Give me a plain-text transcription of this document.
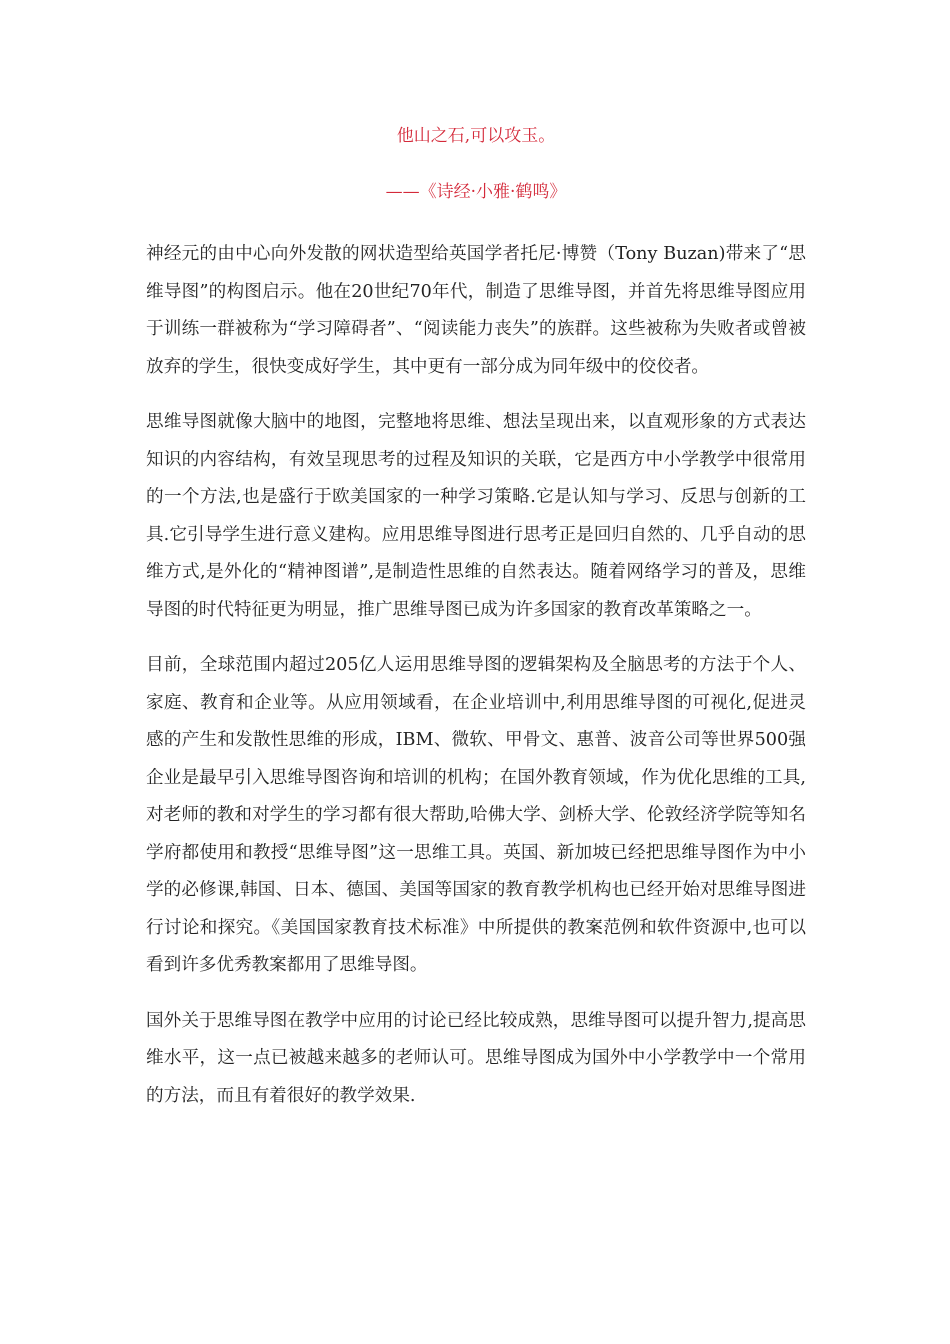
他山之石,可以攻玉。

——《诗经·小雅·鹤鸣》

神经元的由中心向外发散的网状造型给英国学者托尼·博赞（Tony Buzan)带来了“思维导图”的构图启示。他在20世纪70年代，制造了思维导图，并首先将思维导图应用于训练一群被称为“学习障碍者”、“阅读能力丧失”的族群。这些被称为失败者或曾被放弃的学生，很快变成好学生，其中更有一部分成为同年级中的佼佼者。

思维导图就像大脑中的地图，完整地将思维、想法呈现出来，以直观形象的方式表达知识的内容结构，有效呈现思考的过程及知识的关联，它是西方中小学教学中很常用的一个方法,也是盛行于欧美国家的一种学习策略.它是认知与学习、反思与创新的工具.它引导学生进行意义建构。应用思维导图进行思考正是回归自然的、几乎自动的思维方式,是外化的“精神图谱”,是制造性思维的自然表达。随着网络学习的普及，思维导图的时代特征更为明显，推广思维导图已成为许多国家的教育改革策略之一。

目前，全球范围内超过205亿人运用思维导图的逻辑架构及全脑思考的方法于个人、家庭、教育和企业等。从应用领域看，在企业培训中,利用思维导图的可视化,促进灵感的产生和发散性思维的形成，IBM、微软、甲骨文、惠普、波音公司等世界500强企业是最早引入思维导图咨询和培训的机构；在国外教育领域，作为优化思维的工具,对老师的教和对学生的学习都有很大帮助,哈佛大学、剑桥大学、伦敦经济学院等知名学府都使用和教授“思维导图”这一思维工具。英国、新加坡已经把思维导图作为中小学的必修课,韩国、日本、德国、美国等国家的教育教学机构也已经开始对思维导图进行讨论和探究。《美国国家教育技术标准》中所提供的教案范例和软件资源中,也可以看到许多优秀教案都用了思维导图。

国外关于思维导图在教学中应用的讨论已经比较成熟，思维导图可以提升智力,提高思维水平，这一点已被越来越多的老师认可。思维导图成为国外中小学教学中一个常用的方法，而且有着很好的教学效果.
